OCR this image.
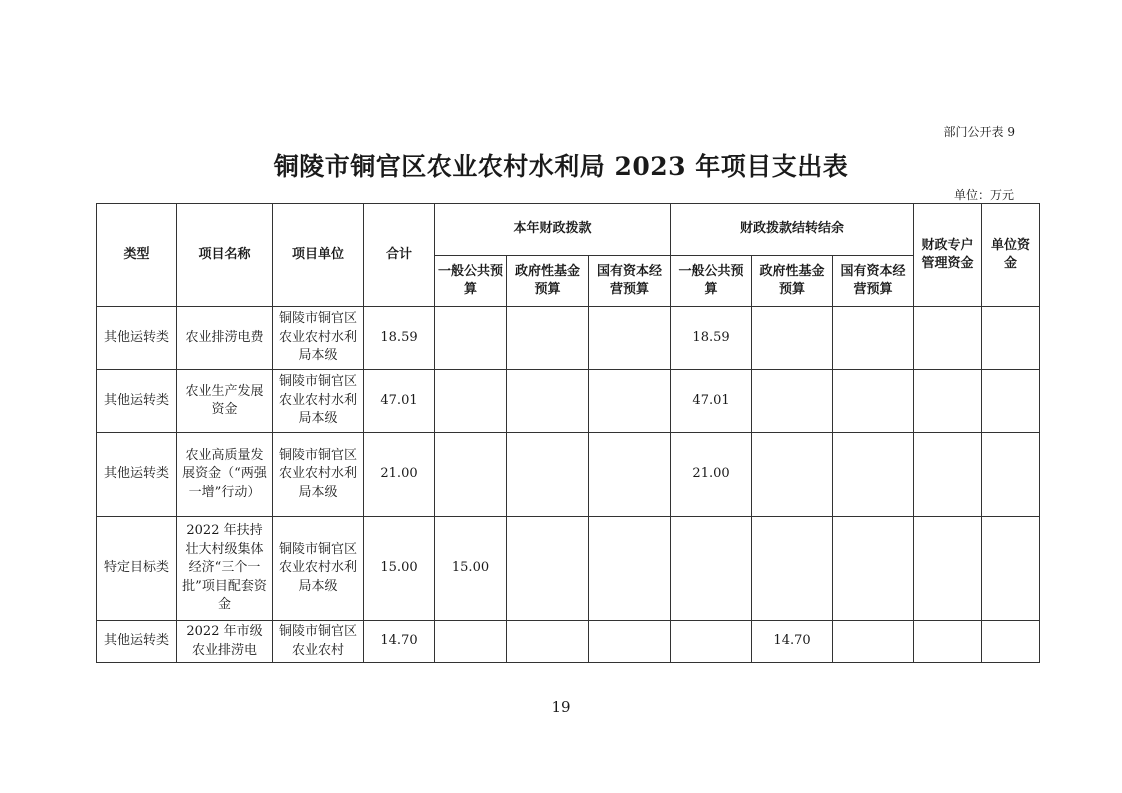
部门公开表 9
铜陵市铜官区农业农村水利局 2023 年项目支出表
单位：万元
类型	项目名称	项目单位	合计	本年财政拨款			财政拨款结转结余			财政专户管理资金	单位资金
				一般公共预算	政府性基金预算	国有资本经营预算	一般公共预算	政府性基金预算	国有资本经营预算		
其他运转类	农业排涝电费	铜陵市铜官区农业农村水利局本级	18.59				18.59				
其他运转类	农业生产发展资金	铜陵市铜官区农业农村水利局本级	47.01				47.01				
其他运转类	农业高质量发展资金（“两强一增”行动）	铜陵市铜官区农业农村水利局本级	21.00				21.00				
特定目标类	2022 年扶持壮大村级集体经济“三个一批”项目配套资金	铜陵市铜官区农业农村水利局本级	15.00	15.00							
其他运转类	2022 年市级农业排涝电	铜陵市铜官区农业农村	14.70					14.70			
19
